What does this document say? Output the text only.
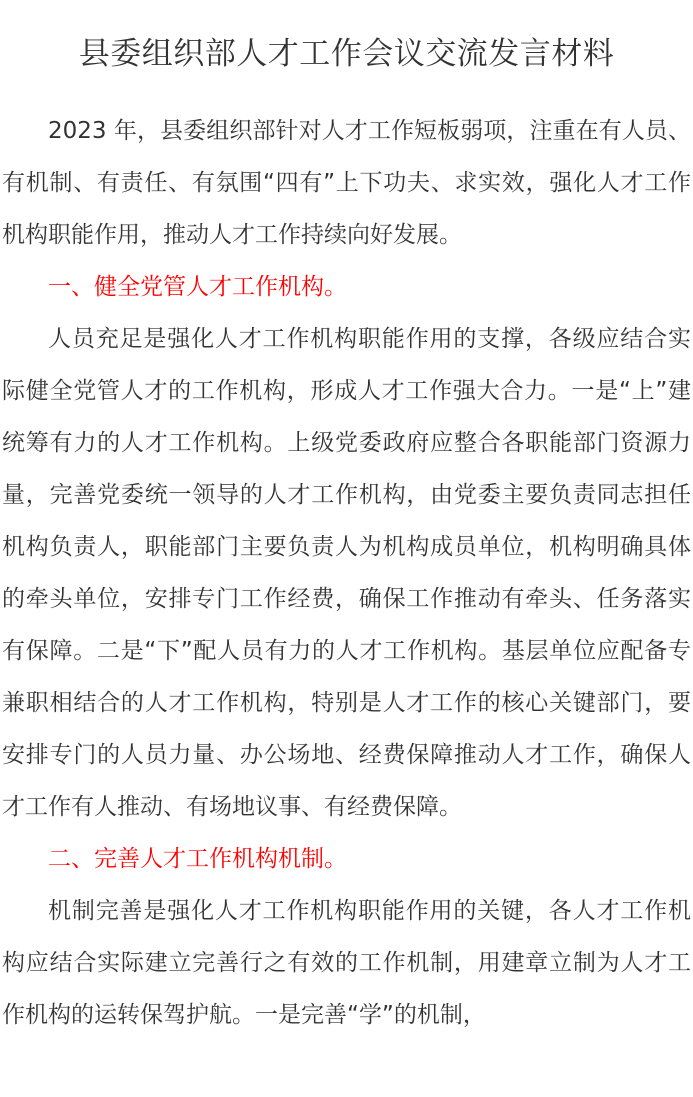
县委组织部人才工作会议交流发言材料

2023 年，县委组织部针对人才工作短板弱项，注重在有人员、有机制、有责任、有氛围“四有”上下功夫、求实效，强化人才工作机构职能作用，推动人才工作持续向好发展。

一、健全党管人才工作机构。

人员充足是强化人才工作机构职能作用的支撑，各级应结合实际健全党管人才的工作机构，形成人才工作强大合力。一是“上”建统筹有力的人才工作机构。上级党委政府应整合各职能部门资源力量，完善党委统一领导的人才工作机构，由党委主要负责同志担任机构负责人，职能部门主要负责人为机构成员单位，机构明确具体的牵头单位，安排专门工作经费，确保工作推动有牵头、任务落实有保障。二是“下”配人员有力的人才工作机构。基层单位应配备专兼职相结合的人才工作机构，特别是人才工作的核心关键部门，要安排专门的人员力量、办公场地、经费保障推动人才工作，确保人才工作有人推动、有场地议事、有经费保障。

二、完善人才工作机构机制。

机制完善是强化人才工作机构职能作用的关键，各人才工作机构应结合实际建立完善行之有效的工作机制，用建章立制为人才工作机构的运转保驾护航。一是完善“学”的机制，
